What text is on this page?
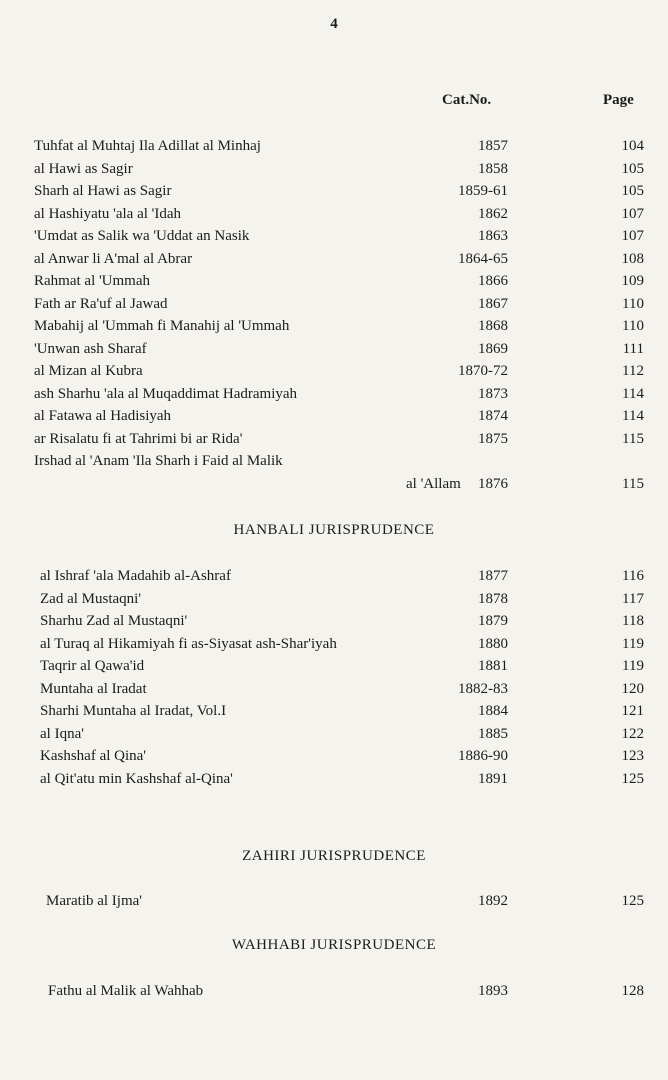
4
Cat.No.	Page
Tuhfat al Muhtaj Ila Adillat al Minhaj	1857	104
al Hawi as Sagir	1858	105
Sharh al Hawi as Sagir	1859-61	105
al Hashiyatu 'ala al 'Idah	1862	107
'Umdat as Salik wa 'Uddat an Nasik	1863	107
al Anwar li A'mal al Abrar	1864-65	108
Rahmat al 'Ummah	1866	109
Fath ar Ra'uf al Jawad	1867	110
Mabahij al 'Ummah fi Manahij al 'Ummah	1868	110
'Unwan ash Sharaf	1869	111
al Mizan al Kubra	1870-72	112
ash Sharhu 'ala al Muqaddimat Hadramiyah	1873	114
al Fatawa al Hadisiyah	1874	114
ar Risalatu fi at Tahrimi bi ar Rida'	1875	115
Irshad al 'Anam 'Ila Sharh i Faid al Malik
al 'Allam 1876	115
HANBALI JURISPRUDENCE
al Ishraf 'ala Madahib al-Ashraf	1877	116
Zad al Mustaqni'	1878	117
Sharhu Zad al Mustaqni'	1879	118
al Turaq al Hikamiyah fi as-Siyasat ash-Shar'iyah	1880	119
Taqrir al Qawa'id	1881	119
Muntaha al Iradat	1882-83	120
Sharhi Muntaha al Iradat, Vol.I	1884	121
al Iqna'	1885	122
Kashshaf al Qina'	1886-90	123
al Qit'atu min Kashshaf al-Qina'	1891	125
ZAHIRI JURISPRUDENCE
Maratib al Ijma'	1892	125
WAHHABI JURISPRUDENCE
Fathu al Malik al Wahhab	1893	128
